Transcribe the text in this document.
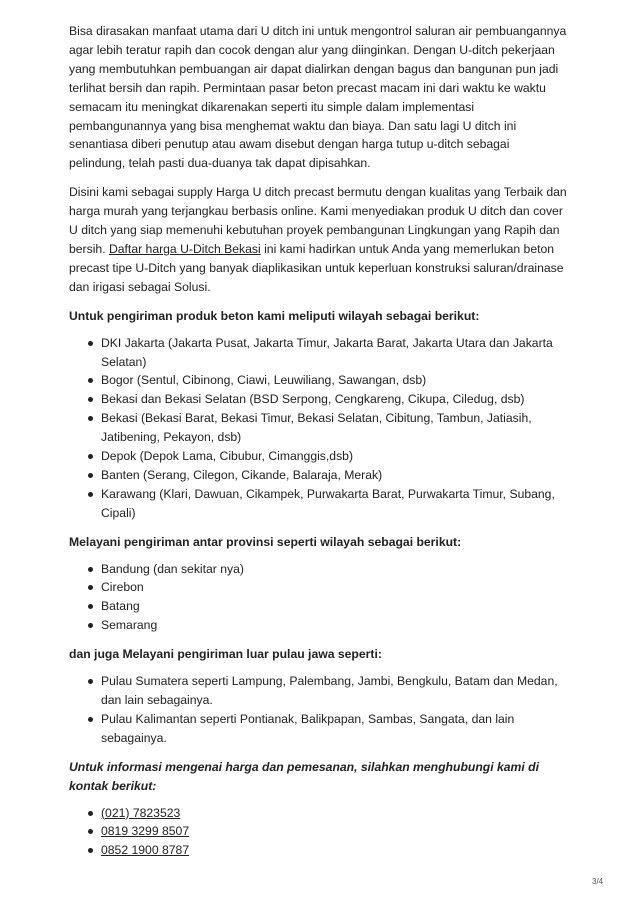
Bisa dirasakan manfaat utama dari U ditch ini untuk mengontrol saluran air pembuangannya agar lebih teratur rapih dan cocok dengan alur yang diinginkan. Dengan U-ditch pekerjaan yang membutuhkan pembuangan air dapat dialirkan dengan bagus dan bangunan pun jadi terlihat bersih dan rapih. Permintaan pasar beton precast macam ini dari waktu ke waktu semacam itu meningkat dikarenakan seperti itu simple dalam implementasi pembangunannya yang bisa menghemat waktu dan biaya. Dan satu lagi U ditch ini senantiasa diberi penutup atau awam disebut dengan harga tutup u-ditch sebagai pelindung, telah pasti dua-duanya tak dapat dipisahkan.

Disini kami sebagai supply Harga U ditch precast bermutu dengan kualitas yang Terbaik dan harga murah yang terjangkau berbasis online. Kami menyediakan produk U ditch dan cover U ditch yang siap memenuhi kebutuhan proyek pembangunan Lingkungan yang Rapih dan bersih. Daftar harga U-Ditch Bekasi ini kami hadirkan untuk Anda yang memerlukan beton precast tipe U-Ditch yang banyak diaplikasikan untuk keperluan konstruksi saluran/drainase dan irigasi sebagai Solusi.

Untuk pengiriman produk beton kami meliputi wilayah sebagai berikut:

DKI Jakarta (Jakarta Pusat, Jakarta Timur, Jakarta Barat, Jakarta Utara dan Jakarta Selatan)
Bogor (Sentul, Cibinong, Ciawi, Leuwiliang, Sawangan, dsb)
Bekasi dan Bekasi Selatan (BSD Serpong, Cengkareng, Cikupa, Ciledug, dsb)
Bekasi (Bekasi Barat, Bekasi Timur, Bekasi Selatan, Cibitung, Tambun, Jatiasih, Jatibening, Pekayon, dsb)
Depok (Depok Lama, Cibubur, Cimanggis,dsb)
Banten (Serang, Cilegon, Cikande, Balaraja, Merak)
Karawang (Klari, Dawuan, Cikampek, Purwakarta Barat, Purwakarta Timur, Subang, Cipali)

Melayani pengiriman antar provinsi seperti wilayah sebagai berikut:

Bandung (dan sekitar nya)
Cirebon
Batang
Semarang

dan juga Melayani pengiriman luar pulau jawa seperti:

Pulau Sumatera seperti Lampung, Palembang, Jambi, Bengkulu, Batam dan Medan, dan lain sebagainya.
Pulau Kalimantan seperti Pontianak, Balikpapan, Sambas, Sangata, dan lain sebagainya.

Untuk informasi mengenai harga dan pemesanan, silahkan menghubungi kami di kontak berikut:

(021) 7823523
0819 3299 8507
0852 1900 8787
3/4
